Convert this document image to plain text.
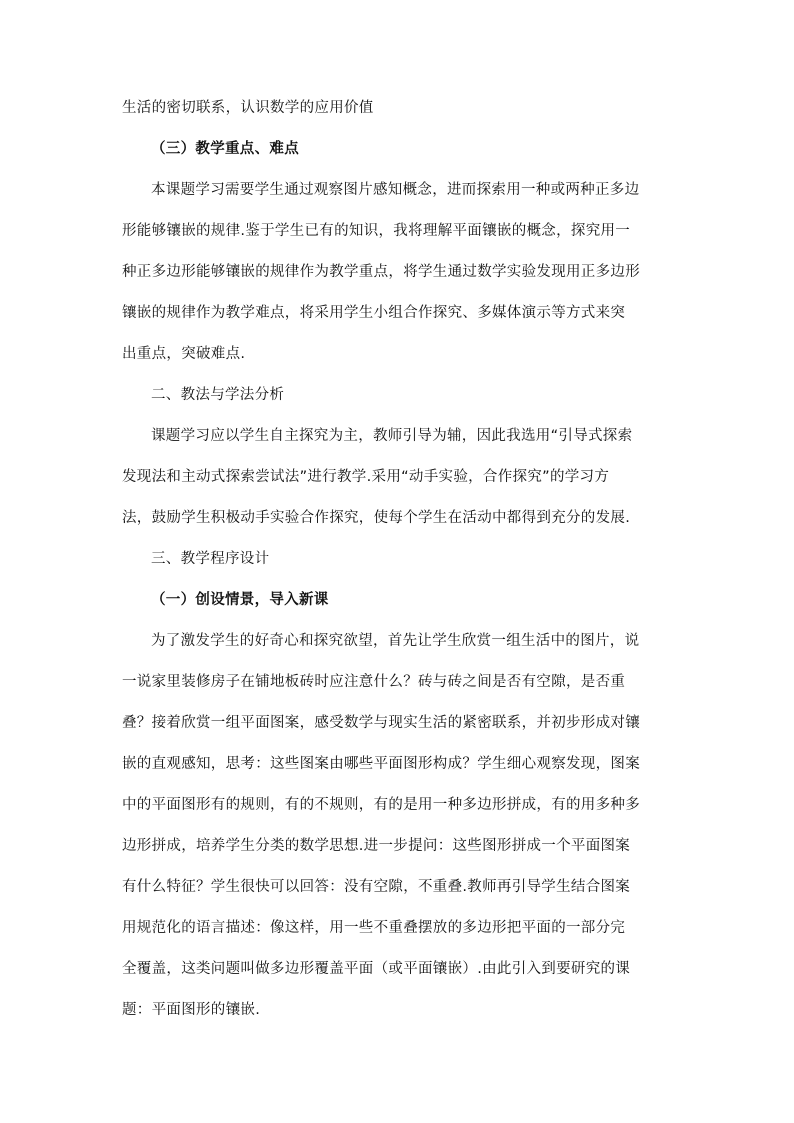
生活的密切联系，认识数学的应用价值
（三）教学重点、难点
本课题学习需要学生通过观察图片感知概念，进而探索用一种或两种正多边
形能够镶嵌的规律.鉴于学生已有的知识，我将理解平面镶嵌的概念，探究用一
种正多边形能够镶嵌的规律作为教学重点，将学生通过数学实验发现用正多边形
镶嵌的规律作为教学难点，将采用学生小组合作探究、多媒体演示等方式来突
出重点，突破难点.
二、教法与学法分析
课题学习应以学生自主探究为主，教师引导为辅，因此我选用“引导式探索
发现法和主动式探索尝试法”进行教学.采用“动手实验，合作探究”的学习方
法，鼓励学生积极动手实验合作探究，使每个学生在活动中都得到充分的发展.
三、教学程序设计
（一）创设情景，导入新课
为了激发学生的好奇心和探究欲望，首先让学生欣赏一组生活中的图片，说
一说家里装修房子在铺地板砖时应注意什么？砖与砖之间是否有空隙，是否重
叠？接着欣赏一组平面图案，感受数学与现实生活的紧密联系，并初步形成对镶
嵌的直观感知，思考：这些图案由哪些平面图形构成？学生细心观察发现，图案
中的平面图形有的规则，有的不规则，有的是用一种多边形拼成，有的用多种多
边形拼成，培养学生分类的数学思想.进一步提问：这些图形拼成一个平面图案
有什么特征？学生很快可以回答：没有空隙，不重叠.教师再引导学生结合图案
用规范化的语言描述：像这样，用一些不重叠摆放的多边形把平面的一部分完
全覆盖，这类问题叫做多边形覆盖平面（或平面镶嵌）.由此引入到要研究的课
题：平面图形的镶嵌.
